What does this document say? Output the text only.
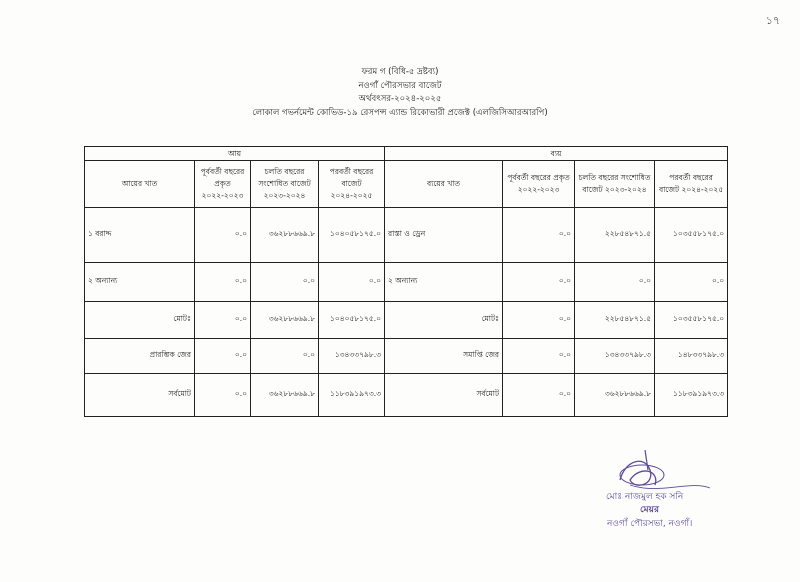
১৭
ফরম গ (বিধি-৫ দ্রষ্টব্য)
নওগাঁ পৌরসভার বাজেট
অর্থবৎসর-২০২৪-২০২৫
লোকাল গভর্নমেন্ট কোভিড-১৯ রেসপন্স এ্যান্ড রিকোভারী প্রজেক্ট (এলজিসিআরআরপি)
আয়				ব্যয়			
আয়ের খাত	পূর্ববর্তী বছরের প্রকৃত ২০২২-২০২৩	চলতি বছরের সংশোধিত বাজেট ২০২৩-২০২৪	পরবর্তী বছরের বাজেট ২০২৪-২০২৫	ব্যয়ের খাত	পূর্ববর্তী বছরের প্রকৃত ২০২২-২০২৩	চলতি বছরের সংশোধিত বাজেট ২০২৩-২০২৪	পরবর্তী বছরের বাজেট ২০২৪-২০২৫
১ বরাদ্দ	০.০	৩৬২৮৮৬৬৯.৮	১০৪০৫৮১৭৫.০	রাস্তা ও ড্রেন	০.০	২২৮৫৪৮৭১.৫	১০৩৫৫৮১৭৫.০
২ অন্যান্য	০.০	০.০	০.০	২ অন্যান্য	০.০	০.০	০.০
মোটঃ	০.০	৩৬২৮৮৬৬৯.৮	১০৪০৫৮১৭৫.০	মোটঃ	০.০	২২৮৫৪৮৭১.৫	১০৩৫৫৮১৭৫.০
প্রারম্ভিক জের	০.০	০.০	১৩৪৩৩৭৯৮.৩	সমাপ্তি জের	০.০	১৩৪৩৩৭৯৮.৩	১৪৮৩৩৭৯৮.৩
সর্বমোট	০.০	৩৬২৮৮৬৬৯.৮	১১৮৩৯১৯৭৩.৩	সর্বমোট	০.০	৩৬২৮৮৬৬৯.৮	১১৮৩৯১৯৭৩.৩
মোঃ নাজমুল হক সনি
মেয়র
নওগাঁ পৌরসভা, নওগাঁ।
